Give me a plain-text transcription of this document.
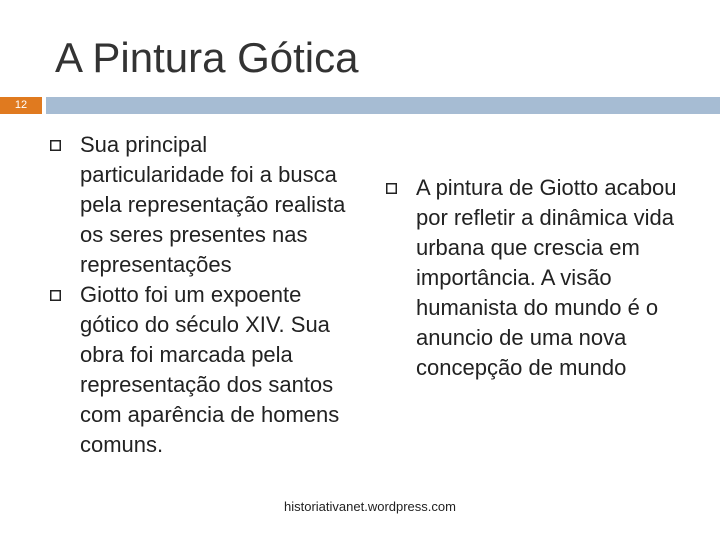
A Pintura Gótica
12
Sua principal particularidade foi a busca pela representação realista os seres presentes nas representações
Giotto foi um expoente gótico do século XIV. Sua obra foi marcada pela representação dos santos com aparência de homens comuns.
A pintura de Giotto acabou por refletir a dinâmica vida urbana que crescia em importância. A visão humanista do mundo é o anuncio de uma nova concepção de mundo
historiativanet.wordpress.com
